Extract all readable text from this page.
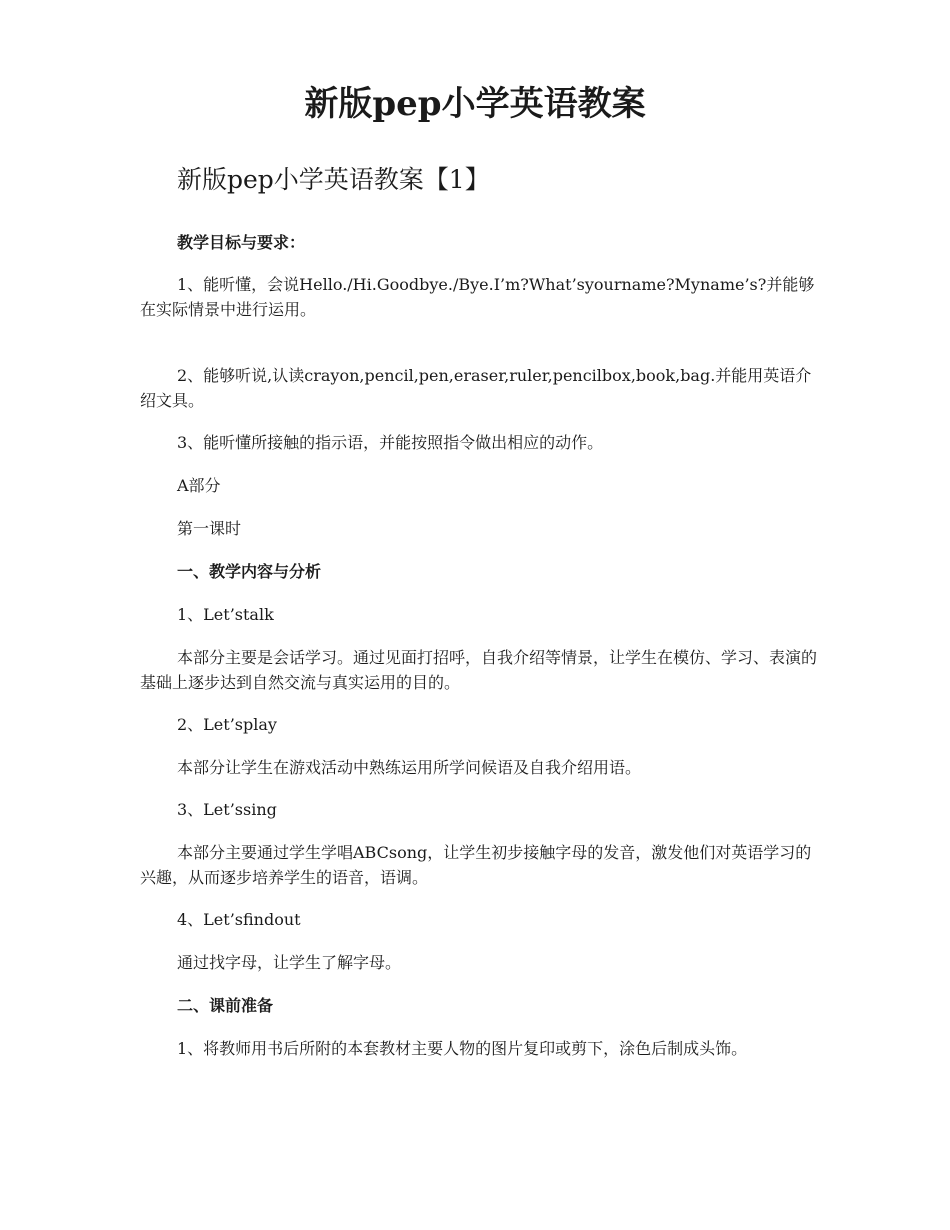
新版pep小学英语教案
新版pep小学英语教案【1】

教学目标与要求：

1、能听懂，会说Hello./Hi.Goodbye./Bye.I’m?What’syourname?Myname’s?并能够在实际情景中进行运用。

2、能够听说,认读crayon,pencil,pen,eraser,ruler,pencilbox,book,bag.并能用英语介绍文具。

3、能听懂所接触的指示语，并能按照指令做出相应的动作。

A部分

第一课时

一、教学内容与分析

1、Let’stalk

本部分主要是会话学习。通过见面打招呼，自我介绍等情景，让学生在模仿、学习、表演的基础上逐步达到自然交流与真实运用的目的。

2、Let’splay

本部分让学生在游戏活动中熟练运用所学问候语及自我介绍用语。

3、Let’ssing

本部分主要通过学生学唱ABCsong，让学生初步接触字母的发音，激发他们对英语学习的兴趣，从而逐步培养学生的语音，语调。

4、Let’sfindout

通过找字母，让学生了解字母。

二、课前准备

1、将教师用书后所附的本套教材主要人物的图片复印或剪下，涂色后制成头饰。
